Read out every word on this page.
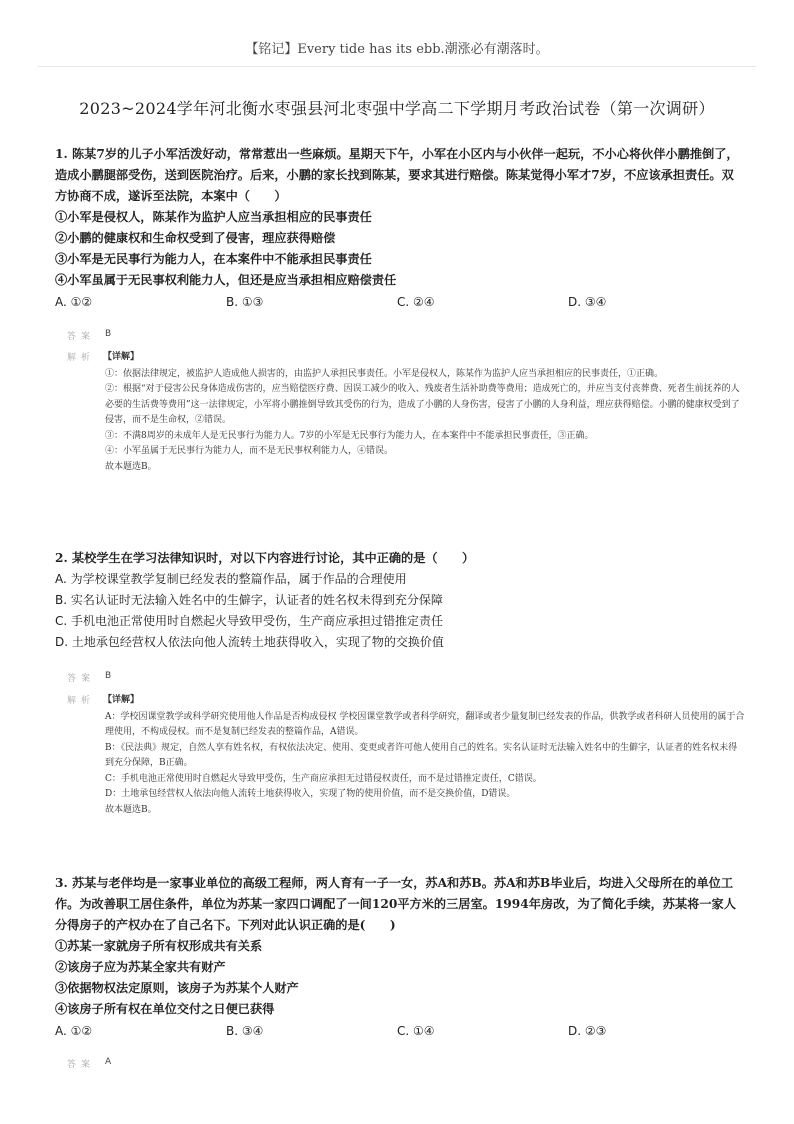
【铭记】Every tide has its ebb.潮涨必有潮落时。
2023~2024学年河北衡水枣强县河北枣强中学高二下学期月考政治试卷（第一次调研）
1. 陈某7岁的儿子小军活泼好动，常常惹出一些麻烦。星期天下午，小军在小区内与小伙伴一起玩，不小心将伙伴小鹏推倒了，造成小鹏腿部受伤，送到医院治疗。后来，小鹏的家长找到陈某，要求其进行赔偿。陈某觉得小军才7岁，不应该承担责任。双方协商不成，遂诉至法院，本案中（　　）
①小军是侵权人，陈某作为监护人应当承担相应的民事责任
②小鹏的健康权和生命权受到了侵害，理应获得赔偿
③小军是无民事行为能力人，在本案件中不能承担民事责任
④小军虽属于无民事权利能力人，但还是应当承担相应赔偿责任
A. ①②	B. ①③	C. ②④	D. ③④
答案 B
解析 【详解】

①：依据法律规定，被监护人造成他人损害的，由监护人承担民事责任。小军是侵权人，陈某作为监护人应当承担相应的民事责任，①正确。

②：根据“对于侵害公民身体造成伤害的，应当赔偿医疗费、因误工减少的收入、残废者生活补助费等费用；造成死亡的，并应当支付丧葬费、死者生前抚养的人必要的生活费等费用”这一法律规定，小军将小鹏推倒导致其受伤的行为，造成了小鹏的人身伤害，侵害了小鹏的人身利益，理应获得赔偿。小鹏的健康权受到了侵害，而不是生命权，②错误。

③：不满8周岁的未成年人是无民事行为能力人。7岁的小军是无民事行为能力人，在本案件中不能承担民事责任，③正确。

④：小军虽属于无民事行为能力人，而不是无民事权利能力人，④错误。

故本题选B。

2. 某校学生在学习法律知识时，对以下内容进行讨论，其中正确的是（　　）
A. 为学校课堂教学复制已经发表的整篇作品，属于作品的合理使用
B. 实名认证时无法输入姓名中的生僻字，认证者的姓名权未得到充分保障
C. 手机电池正常使用时自燃起火导致甲受伤，生产商应承担过错推定责任
D. 土地承包经营权人依法向他人流转土地获得收入，实现了物的交换价值
答案 B
解析 【详解】

A：学校因课堂教学或科学研究使用他人作品是否构成侵权 学校因课堂教学或者科学研究，翻译或者少量复制已经发表的作品，供教学或者科研人员使用的属于合理使用，不构成侵权。而不是复制已经发表的整篇作品，A错误。

B：《民法典》规定，自然人享有姓名权，有权依法决定、使用、变更或者许可他人使用自己的姓名。实名认证时无法输入姓名中的生僻字，认证者的姓名权未得到充分保障，B正确。

C：手机电池正常使用时自燃起火导致甲受伤，生产商应承担无过错侵权责任，而不是过错推定责任，C错误。

D：土地承包经营权人依法向他人流转土地获得收入，实现了物的使用价值，而不是交换价值，D错误。

故本题选B。

3. 苏某与老伴均是一家事业单位的高级工程师，两人育有一子一女，苏A和苏B。苏A和苏B毕业后，均进入父母所在的单位工作。为改善职工居住条件，单位为苏某一家四口调配了一间120平方米的三居室。1994年房改，为了简化手续，苏某将一家人分得房子的产权办在了自己名下。下列对此认识正确的是(　　)
①苏某一家就房子所有权形成共有关系
②该房子应为苏某全家共有财产
③依据物权法定原则，该房子为苏某个人财产
④该房子所有权在单位交付之日便已获得
A. ①②	B. ③④	C. ①④	D. ②③
答案 A
